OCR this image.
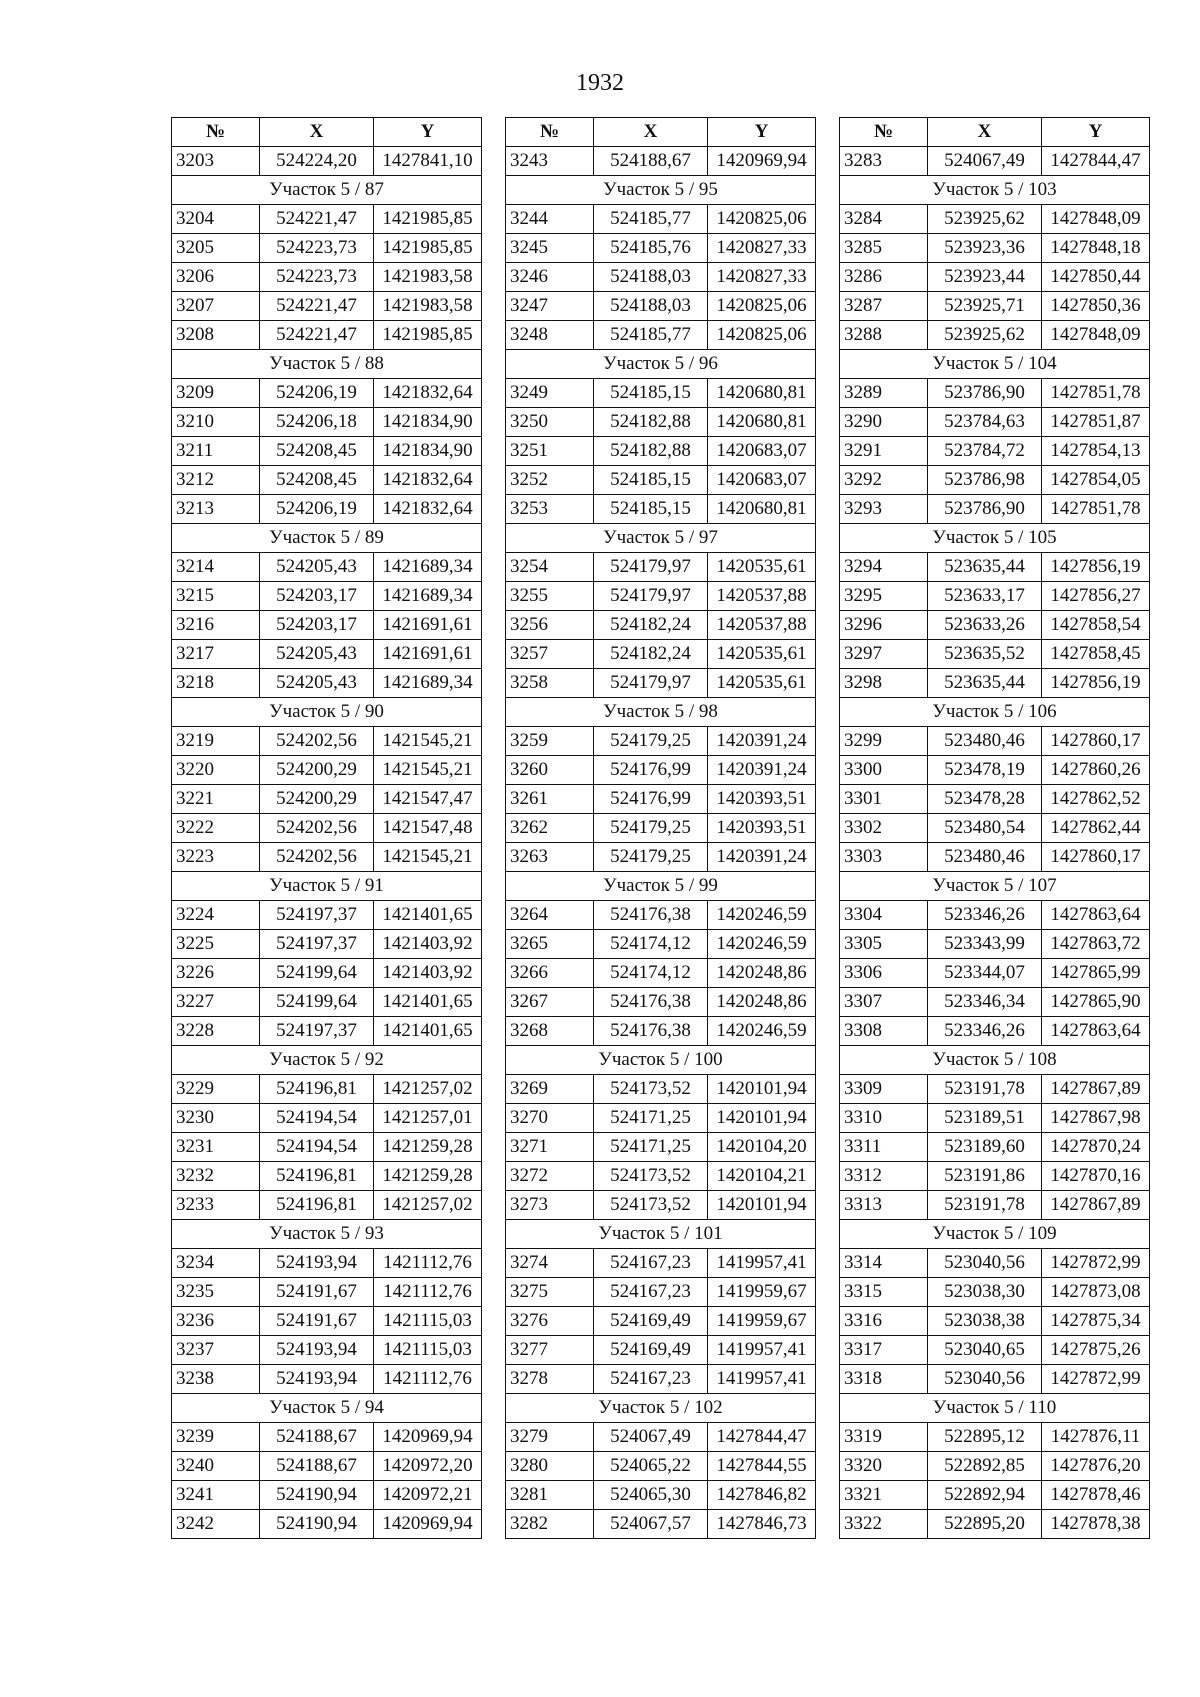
1932
№	X	Y
3203	524224,20	1427841,10
Участок 5 / 87		
3204	524221,47	1421985,85
3205	524223,73	1421985,85
3206	524223,73	1421983,58
3207	524221,47	1421983,58
3208	524221,47	1421985,85
Участок 5 / 88		
3209	524206,19	1421832,64
3210	524206,18	1421834,90
3211	524208,45	1421834,90
3212	524208,45	1421832,64
3213	524206,19	1421832,64
Участок 5 / 89		
3214	524205,43	1421689,34
3215	524203,17	1421689,34
3216	524203,17	1421691,61
3217	524205,43	1421691,61
3218	524205,43	1421689,34
Участок 5 / 90		
3219	524202,56	1421545,21
3220	524200,29	1421545,21
3221	524200,29	1421547,47
3222	524202,56	1421547,48
3223	524202,56	1421545,21
Участок 5 / 91		
3224	524197,37	1421401,65
3225	524197,37	1421403,92
3226	524199,64	1421403,92
3227	524199,64	1421401,65
3228	524197,37	1421401,65
Участок 5 / 92		
3229	524196,81	1421257,02
3230	524194,54	1421257,01
3231	524194,54	1421259,28
3232	524196,81	1421259,28
3233	524196,81	1421257,02
Участок 5 / 93		
3234	524193,94	1421112,76
3235	524191,67	1421112,76
3236	524191,67	1421115,03
3237	524193,94	1421115,03
3238	524193,94	1421112,76
Участок 5 / 94		
3239	524188,67	1420969,94
3240	524188,67	1420972,20
3241	524190,94	1420972,21
3242	524190,94	1420969,94
№	X	Y
3243	524188,67	1420969,94
Участок 5 / 95		
3244	524185,77	1420825,06
3245	524185,76	1420827,33
3246	524188,03	1420827,33
3247	524188,03	1420825,06
3248	524185,77	1420825,06
Участок 5 / 96		
3249	524185,15	1420680,81
3250	524182,88	1420680,81
3251	524182,88	1420683,07
3252	524185,15	1420683,07
3253	524185,15	1420680,81
Участок 5 / 97		
3254	524179,97	1420535,61
3255	524179,97	1420537,88
3256	524182,24	1420537,88
3257	524182,24	1420535,61
3258	524179,97	1420535,61
Участок 5 / 98		
3259	524179,25	1420391,24
3260	524176,99	1420391,24
3261	524176,99	1420393,51
3262	524179,25	1420393,51
3263	524179,25	1420391,24
Участок 5 / 99		
3264	524176,38	1420246,59
3265	524174,12	1420246,59
3266	524174,12	1420248,86
3267	524176,38	1420248,86
3268	524176,38	1420246,59
Участок 5 / 100		
3269	524173,52	1420101,94
3270	524171,25	1420101,94
3271	524171,25	1420104,20
3272	524173,52	1420104,21
3273	524173,52	1420101,94
Участок 5 / 101		
3274	524167,23	1419957,41
3275	524167,23	1419959,67
3276	524169,49	1419959,67
3277	524169,49	1419957,41
3278	524167,23	1419957,41
Участок 5 / 102		
3279	524067,49	1427844,47
3280	524065,22	1427844,55
3281	524065,30	1427846,82
3282	524067,57	1427846,73
№	X	Y
3283	524067,49	1427844,47
Участок 5 / 103		
3284	523925,62	1427848,09
3285	523923,36	1427848,18
3286	523923,44	1427850,44
3287	523925,71	1427850,36
3288	523925,62	1427848,09
Участок 5 / 104		
3289	523786,90	1427851,78
3290	523784,63	1427851,87
3291	523784,72	1427854,13
3292	523786,98	1427854,05
3293	523786,90	1427851,78
Участок 5 / 105		
3294	523635,44	1427856,19
3295	523633,17	1427856,27
3296	523633,26	1427858,54
3297	523635,52	1427858,45
3298	523635,44	1427856,19
Участок 5 / 106		
3299	523480,46	1427860,17
3300	523478,19	1427860,26
3301	523478,28	1427862,52
3302	523480,54	1427862,44
3303	523480,46	1427860,17
Участок 5 / 107		
3304	523346,26	1427863,64
3305	523343,99	1427863,72
3306	523344,07	1427865,99
3307	523346,34	1427865,90
3308	523346,26	1427863,64
Участок 5 / 108		
3309	523191,78	1427867,89
3310	523189,51	1427867,98
3311	523189,60	1427870,24
3312	523191,86	1427870,16
3313	523191,78	1427867,89
Участок 5 / 109		
3314	523040,56	1427872,99
3315	523038,30	1427873,08
3316	523038,38	1427875,34
3317	523040,65	1427875,26
3318	523040,56	1427872,99
Участок 5 / 110		
3319	522895,12	1427876,11
3320	522892,85	1427876,20
3321	522892,94	1427878,46
3322	522895,20	1427878,38
